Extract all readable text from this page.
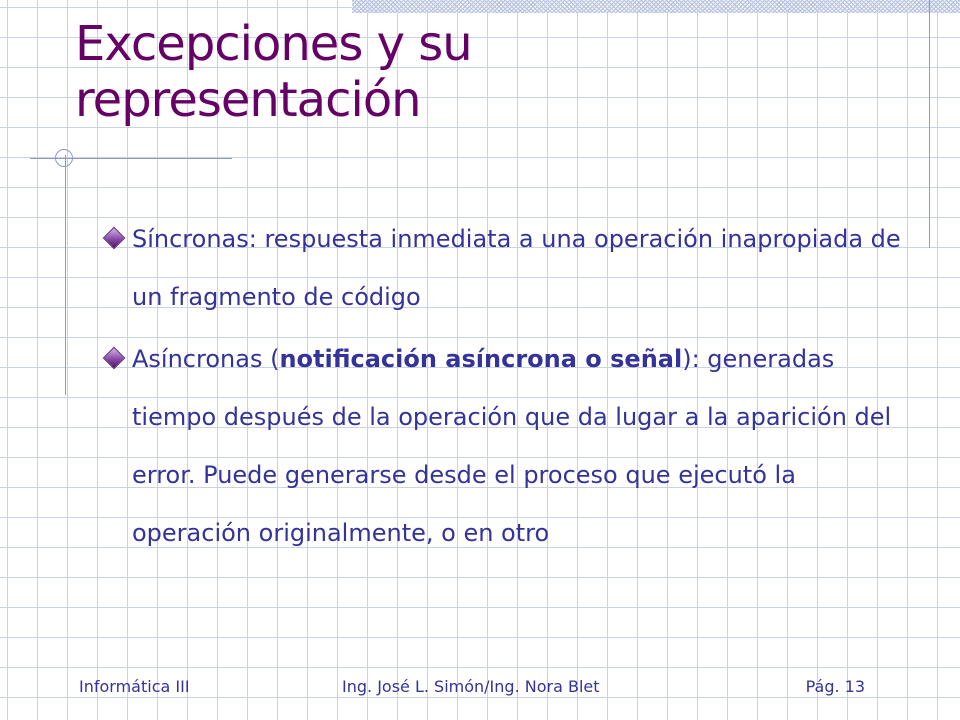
Excepciones y su representación
Síncronas: respuesta inmediata a una operación inapropiada de un fragmento de código
Asíncronas (notificación asíncrona o señal): generadas tiempo después de la operación que da lugar a la aparición del error. Puede generarse desde el proceso que ejecutó la operación originalmente, o en otro
Informática III	Ing. José L. Simón/Ing. Nora Blet	Pág. 13
